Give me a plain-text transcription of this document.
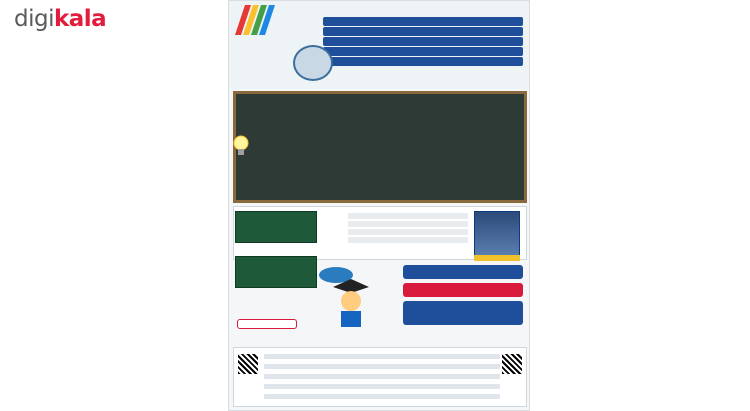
digi kala
